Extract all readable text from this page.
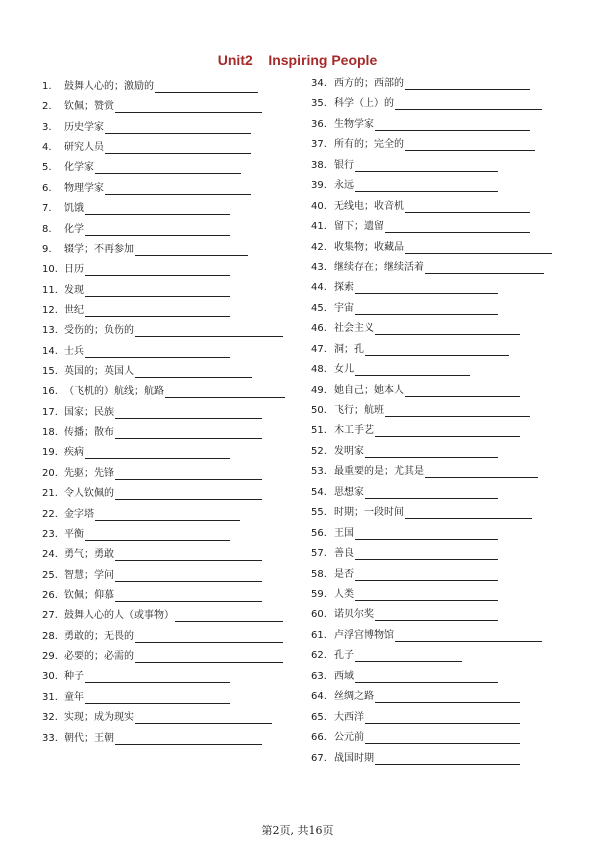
Unit2    Inspiring People
1.	鼓舞人心的；激励的
2.	钦佩；赞赏
3.	历史学家
4.	研究人员
5.	化学家
6.	物理学家
7.	饥饿
8.	化学
9.	辍学；不再参加
10. 日历
11. 发现
12. 世纪
13. 受伤的；负伤的
14. 士兵
15. 英国的；英国人
16. （飞机的）航线；航路
17. 国家；民族
18. 传播；散布
19. 疾病
20. 先驱；先锋
21. 令人钦佩的
22. 金字塔
23. 平衡
24. 勇气；勇敢
25. 智慧；学问
26. 钦佩；仰慕
27. 鼓舞人心的人（或事物）
28. 勇敢的；无畏的
29. 必要的；必需的
30. 种子
31. 童年
32. 实现；成为现实
33. 朝代；王朝
34. 西方的；西部的
35. 科学（上）的
36. 生物学家
37. 所有的；完全的
38. 银行
39. 永远
40. 无线电；收音机
41. 留下；遗留
42. 收集物；收藏品
43. 继续存在；继续活着
44. 探索
45. 宇宙
46. 社会主义
47. 洞；孔
48. 女儿
49. 她自己；她本人
50. 飞行；航班
51. 木工手艺
52. 发明家
53. 最重要的是；尤其是
54. 思想家
55. 时期；一段时间
56. 王国
57. 善良
58. 是否
59. 人类
60. 诺贝尔奖
61. 卢浮宫博物馆
62. 孔子
63. 西域
64. 丝绸之路
65. 大西洋
66. 公元前
67. 战国时期
第2页, 共16页
